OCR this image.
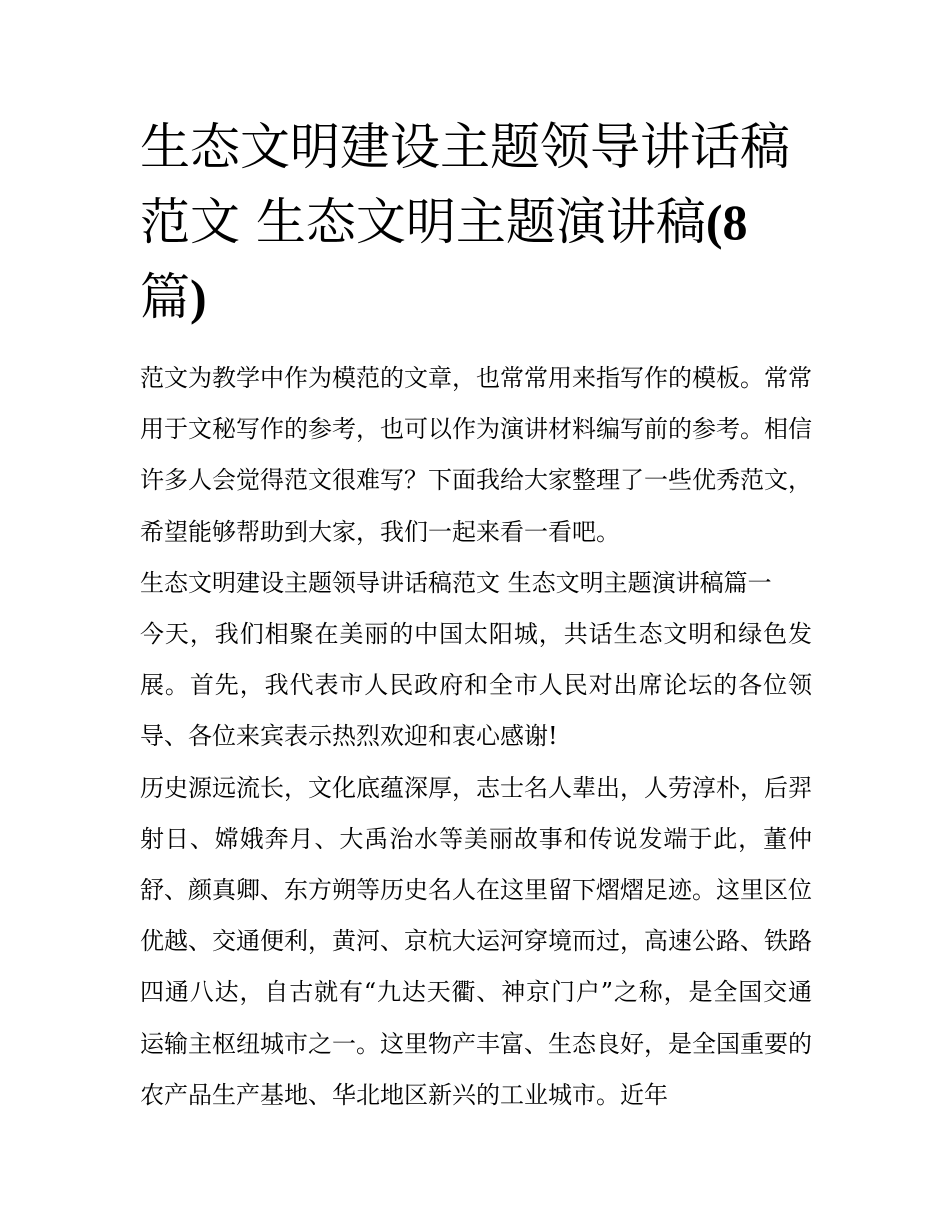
生态文明建设主题领导讲话稿范文 生态文明主题演讲稿(8篇)

范文为教学中作为模范的文章，也常常用来指写作的模板。常常用于文秘写作的参考，也可以作为演讲材料编写前的参考。相信许多人会觉得范文很难写？下面我给大家整理了一些优秀范文，希望能够帮助到大家，我们一起来看一看吧。

生态文明建设主题领导讲话稿范文 生态文明主题演讲稿篇一

今天，我们相聚在美丽的中国太阳城，共话生态文明和绿色发展。首先，我代表市人民政府和全市人民对出席论坛的各位领导、各位来宾表示热烈欢迎和衷心感谢!

历史源远流长，文化底蕴深厚，志士名人辈出，人劳淳朴，后羿射日、嫦娥奔月、大禹治水等美丽故事和传说发端于此，董仲舒、颜真卿、东方朔等历史名人在这里留下熠熠足迹。这里区位优越、交通便利，黄河、京杭大运河穿境而过，高速公路、铁路四通八达，自古就有“九达天衢、神京门户”之称，是全国交通运输主枢纽城市之一。这里物产丰富、生态良好，是全国重要的农产品生产基地、华北地区新兴的工业城市。近年
